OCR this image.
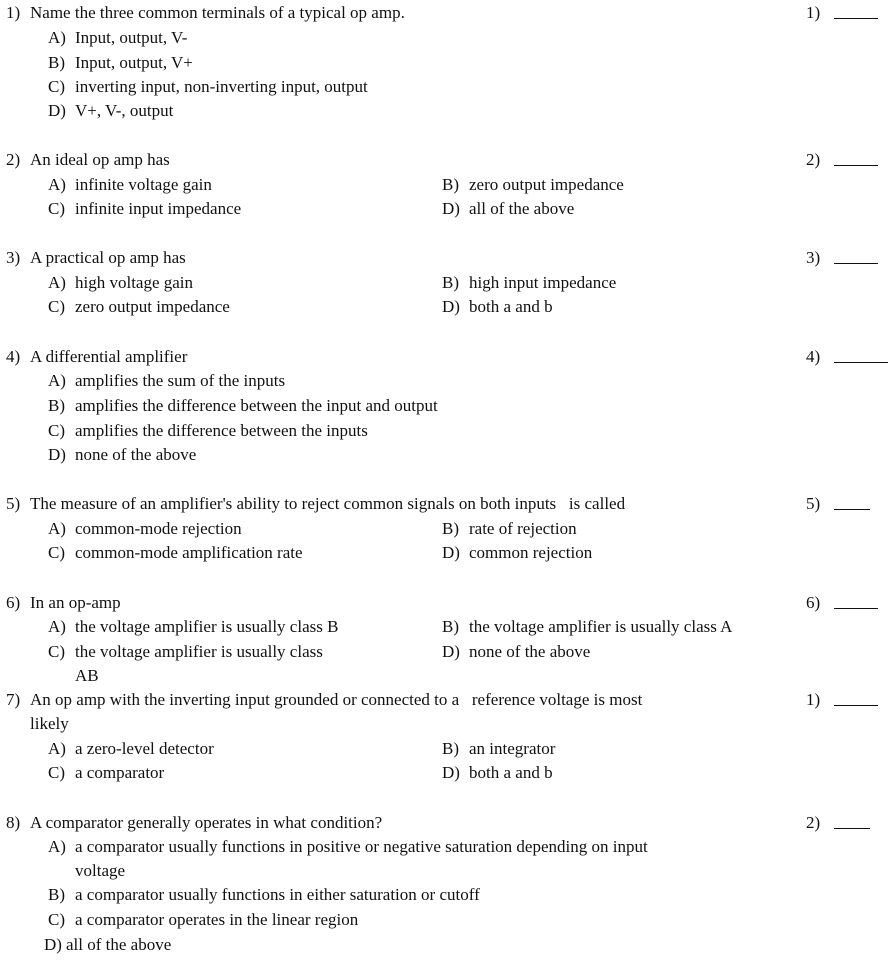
1) Name the three common terminals of a typical op amp.	1)
A) Input, output, V-
B) Input, output, V+
C) inverting input, non-inverting input, output
D) V+, V-, output
2) An ideal op amp has	2)
A) infinite voltage gain	B) zero output impedance
C) infinite input impedance	D) all of the above
3) A practical op amp has	3)
A) high voltage gain	B) high input impedance
C) zero output impedance	D) both a and b
4) A differential amplifier	4)
A) amplifies the sum of the inputs
B) amplifies the difference between the input and output
C) amplifies the difference between the inputs
D) none of the above
5) The measure of an amplifier's ability to reject common signals on both inputs   is called	5)
A) common-mode rejection	B) rate of rejection
C) common-mode amplification rate	D) common rejection
6) In an op-amp	6)
A) the voltage amplifier is usually class B	B) the voltage amplifier is usually class A
C) the voltage amplifier is usually class
AB
D) none of the above
7) An op amp with the inverting input grounded or connected to a   reference voltage is most
likely
1)
A) a zero-level detector	B) an integrator
C) a comparator	D) both a and b
8) A comparator generally operates in what condition?	2)
A) a comparator usually functions in positive or negative saturation depending on input
voltage
B) a comparator usually functions in either saturation or cutoff
C) a comparator operates in the linear region
D) all of the above
